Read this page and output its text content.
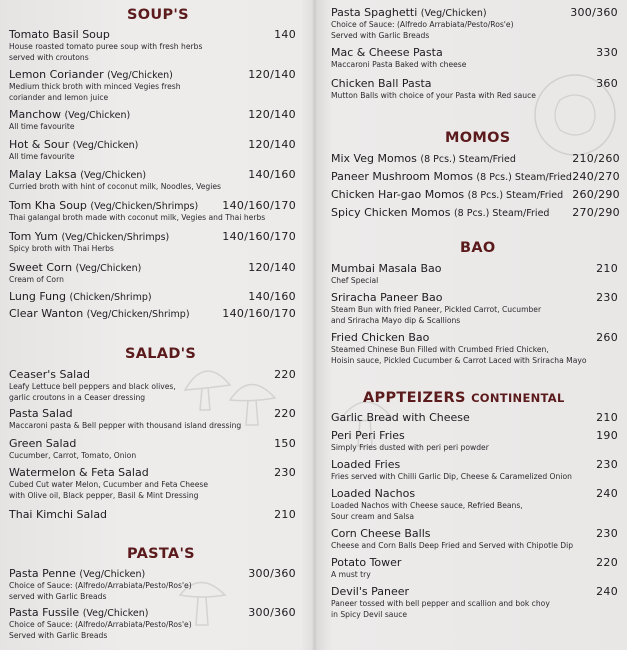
SOUP'S
Tomato Basil Soup	140
House roasted tomato puree soup with fresh herbs
served with croutons
Lemon Coriander (Veg/Chicken)	120/140
Medium thick broth with minced Vegies fresh
coriander and lemon juice
Manchow (Veg/Chicken)	120/140
All time favourite
Hot & Sour (Veg/Chicken)	120/140
All time favourite
Malay Laksa (Veg/Chicken)	140/160
Curried broth with hint of coconut milk, Noodles, Vegies
Tom Kha Soup (Veg/Chicken/Shrimps) 140/160/170
Thai galangal broth made with coconut milk, Vegies and Thai herbs
Tom Yum (Veg/Chicken/Shrimps)	140/160/170
Spicy broth with Thai Herbs
Sweet Corn (Veg/Chicken)	120/140
Cream of Corn
Lung Fung (Chicken/Shrimp)	140/160
Clear Wanton (Veg/Chicken/Shrimp)	140/160/170
SALAD'S
Ceaser's Salad	220
Leafy Lettuce bell peppers and black olives,
garlic croutons in a Ceaser dressing
Pasta Salad	220
Maccaroni pasta & Bell pepper with thousand island dressing
Green Salad	150
Cucumber, Carrot, Tomato, Onion
Watermelon & Feta Salad	230
Cubed Cut water Melon, Cucumber and Feta Cheese
with Olive oil, Black pepper, Basil & Mint Dressing
Thai Kimchi Salad	210
PASTA'S
Pasta Penne (Veg/Chicken)	300/360
Choice of Sauce: (Alfredo/Arrabiata/Pesto/Ros'e)
served with Garlic Breads
Pasta Fussile (Veg/Chicken)	300/360
Choice of Sauce: (Alfredo/Arrabiata/Pesto/Ros'e)
Served with Garlic Breads
Pasta Spaghetti (Veg/Chicken)	300/360
Choice of Sauce: (Alfredo Arrabiata/Pesto/Ros'e)
Served with Garlic Breads
Mac & Cheese Pasta	330
Maccaroni Pasta Baked with cheese
Chicken Ball Pasta	360
Mutton Balls with choice of your Pasta with Red sauce
MOMOS
Mix Veg Momos (8 Pcs.) Steam/Fried	210/260
Paneer Mushroom Momos (8 Pcs.) Steam/Fried 240/270
Chicken Har-gao Momos (8 Pcs.) Steam/Fried 260/290
Spicy Chicken Momos (8 Pcs.) Steam/Fried 270/290
BAO
Mumbai Masala Bao	210
Chef Special
Sriracha Paneer Bao	230
Steam Bun with fried Paneer, Pickled Carrot, Cucumber
and Sriracha Mayo dip & Scallions
Fried Chicken Bao	260
Steamed Chinese Bun Filled with Crumbed Fried Chicken,
Hoisin sauce, Pickled Cucumber & Carrot Laced with Sriracha Mayo
APPTEIZERS CONTINENTAL
Garlic Bread with Cheese	210
Peri Peri Fries	190
Simply Fries dusted with peri peri powder
Loaded Fries	230
Fries served with Chilli Garlic Dip, Cheese & Caramelized Onion
Loaded Nachos	240
Loaded Nachos with Cheese sauce, Refried Beans,
Sour cream and Salsa
Corn Cheese Balls	230
Cheese and Corn Balls Deep Fried and Served with Chipotle Dip
Potato Tower	220
A must try
Devil's Paneer	240
Paneer tossed with bell pepper and scallion and bok choy
in Spicy Devil sauce
